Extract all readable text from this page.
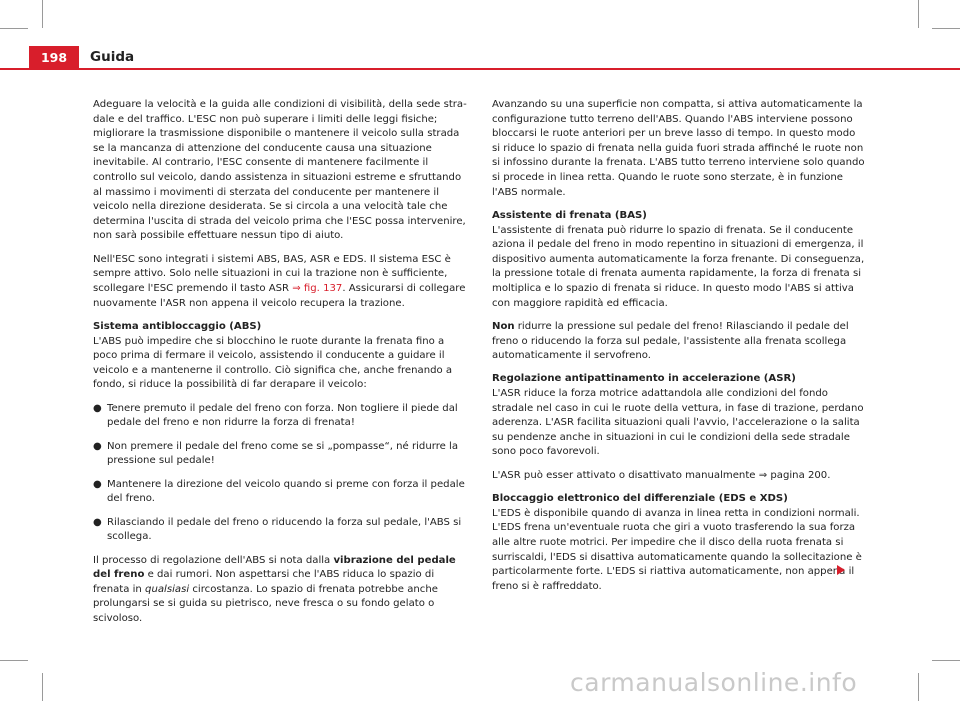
198	Guida

Adeguare la velocità e la guida alle condizioni di visibilità, della sede stradale e del traffico. L'ESC non può superare i limiti delle leggi fisiche; migliorare la trasmissione disponibile o mantenere il veicolo sulla strada se la mancanza di attenzione del conducente causa una situazione inevitabile. Al contrario, l'ESC consente di mantenere facilmente il controllo sul veicolo, dando assistenza in situazioni estreme e sfruttando al massimo i movimenti di sterzata del conducente per mantenere il veicolo nella direzione desiderata. Se si circola a una velocità tale che determina l'uscita di strada del veicolo prima che l'ESC possa intervenire, non sarà possibile effettuare nessun tipo di aiuto.

Nell'ESC sono integrati i sistemi ABS, BAS, ASR e EDS. Il sistema ESC è sempre attivo. Solo nelle situazioni in cui la trazione non è sufficiente, scollegare l'ESC premendo il tasto ASR ⇒ fig. 137. Assicurarsi di collegare nuovamente l'ASR non appena il veicolo recupera la trazione.

Sistema antibloccaggio (ABS)

L'ABS può impedire che si blocchino le ruote durante la frenata fino a poco prima di fermare il veicolo, assistendo il conducente a guidare il veicolo e a mantenerne il controllo. Ciò significa che, anche frenando a fondo, si riduce la possibilità di far derapare il veicolo:

● Tenere premuto il pedale del freno con forza. Non togliere il piede dal pedale del freno e non ridurre la forza di frenata!
● Non premere il pedale del freno come se si „pompasse“, né ridurre la pressione sul pedale!
● Mantenere la direzione del veicolo quando si preme con forza il pedale del freno.
● Rilasciando il pedale del freno o riducendo la forza sul pedale, l'ABS si scollega.

Il processo di regolazione dell'ABS si nota dalla vibrazione del pedale del freno e dai rumori. Non aspettarsi che l'ABS riduca lo spazio di frenata in qualsiasi circostanza. Lo spazio di frenata potrebbe anche prolungarsi se si guida su pietrisco, neve fresca o su fondo gelato o scivoloso.

Avanzando su una superficie non compatta, si attiva automaticamente la configurazione tutto terreno dell'ABS. Quando l'ABS interviene possono bloccarsi le ruote anteriori per un breve lasso di tempo. In questo modo si riduce lo spazio di frenata nella guida fuori strada affinché le ruote non si infossino durante la frenata. L'ABS tutto terreno interviene solo quando si procede in linea retta. Quando le ruote sono sterzate, è in funzione l'ABS normale.

Assistente di frenata (BAS)

L'assistente di frenata può ridurre lo spazio di frenata. Se il conducente aziona il pedale del freno in modo repentino in situazioni di emergenza, il dispositivo aumenta automaticamente la forza frenante. Di conseguenza, la pressione totale di frenata aumenta rapidamente, la forza di frenata si moltiplica e lo spazio di frenata si riduce. In questo modo l'ABS si attiva con maggiore rapidità ed efficacia.

Non ridurre la pressione sul pedale del freno! Rilasciando il pedale del freno o riducendo la forza sul pedale, l'assistente alla frenata scollega automaticamente il servofreno.

Regolazione antipattinamento in accelerazione (ASR)

L'ASR riduce la forza motrice adattandola alle condizioni del fondo stradale nel caso in cui le ruote della vettura, in fase di trazione, perdano aderenza. L'ASR facilita situazioni quali l'avvio, l'accelerazione o la salita su pendenze anche in situazioni in cui le condizioni della sede stradale sono poco favorevoli.

L'ASR può esser attivato o disattivato manualmente ⇒ pagina 200.

Bloccaggio elettronico del differenziale (EDS e XDS)

L'EDS è disponibile quando di avanza in linea retta in condizioni normali. L'EDS frena un'eventuale ruota che giri a vuoto trasferendo la sua forza alle altre ruote motrici. Per impedire che il disco della ruota frenata si surriscaldi, l'EDS si disattiva automaticamente quando la sollecitazione è particolarmente forte. L'EDS si riattiva automaticamente, non appena il freno si è raffreddato.

carmanualsonline.info
